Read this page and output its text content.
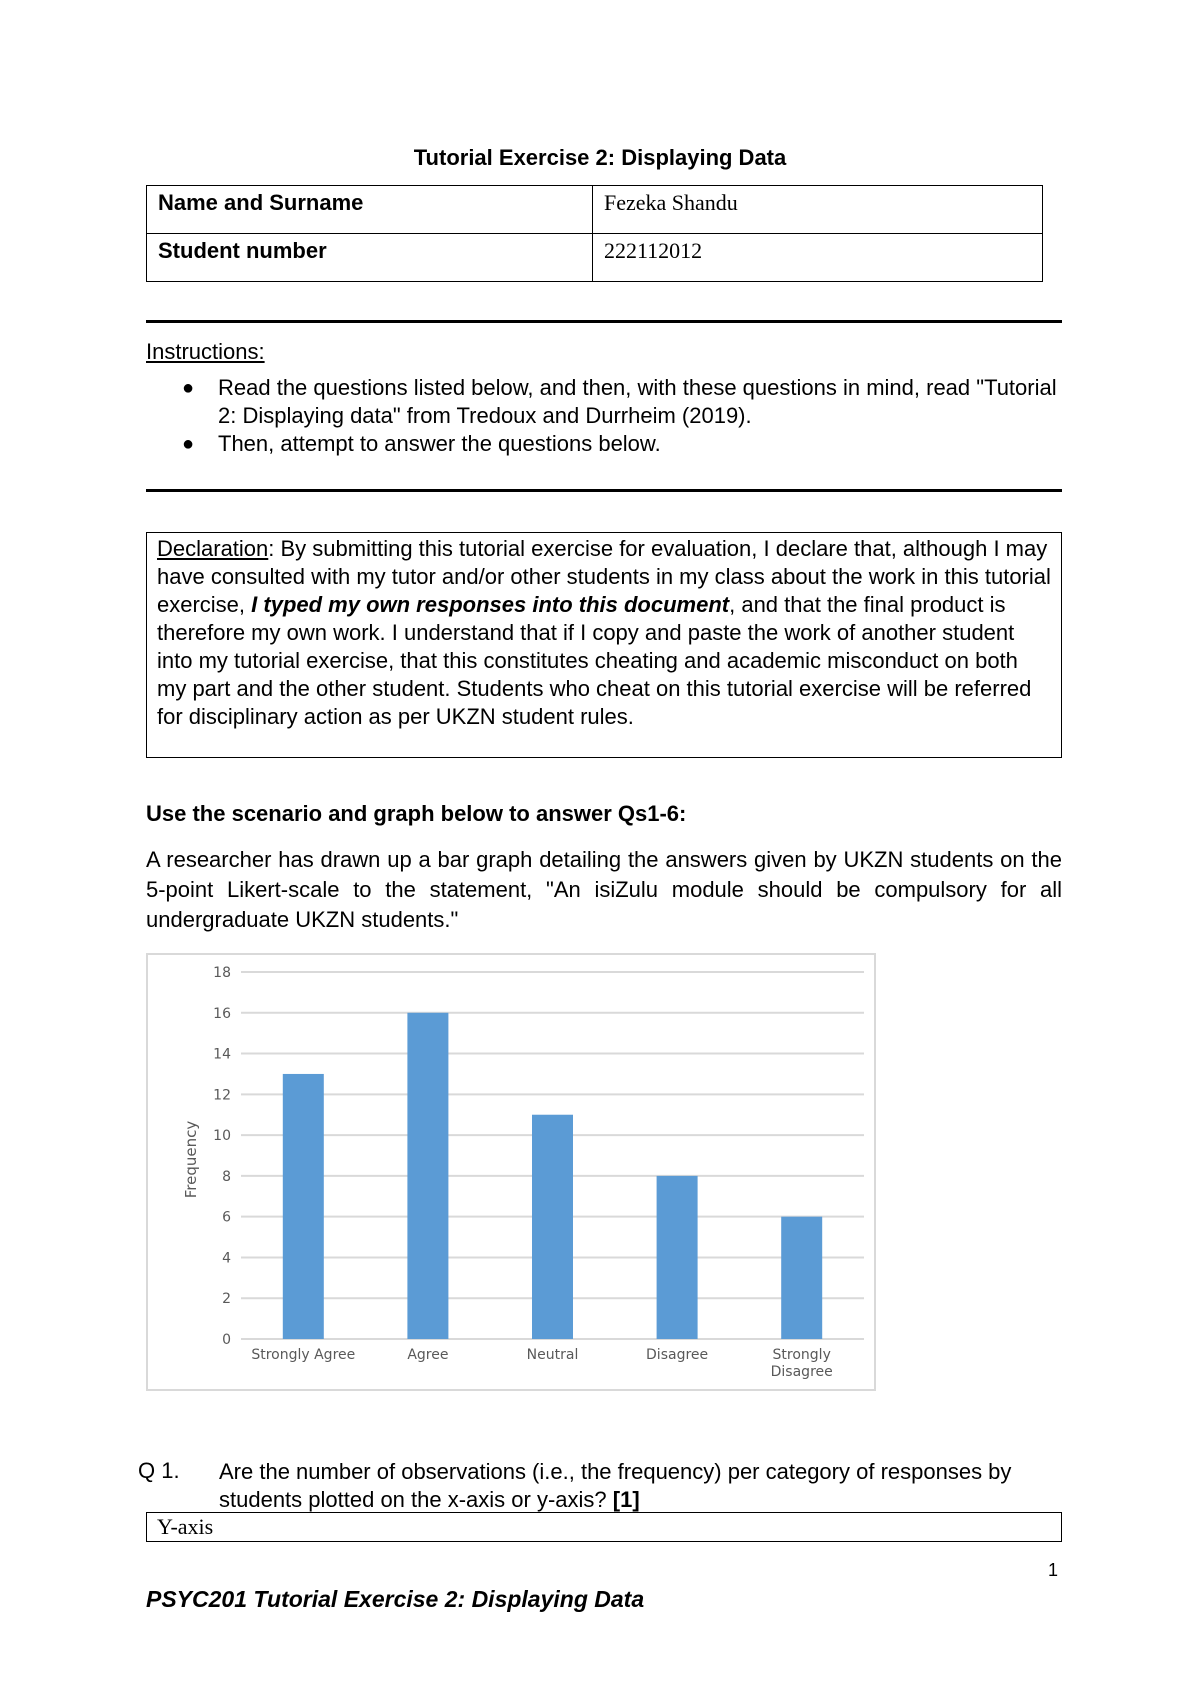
Tutorial Exercise 2: Displaying Data
Name and Surname	Fezeka Shandu
Student number	222112012
Instructions:
● Read the questions listed below, and then, with these questions in mind, read "Tutorial 2: Displaying data" from Tredoux and Durrheim (2019).
● Then, attempt to answer the questions below.
Declaration: By submitting this tutorial exercise for evaluation, I declare that, although I may have consulted with my tutor and/or other students in my class about the work in this tutorial exercise, I typed my own responses into this document, and that the final product is therefore my own work. I understand that if I copy and paste the work of another student into my tutorial exercise, that this constitutes cheating and academic misconduct on both my part and the other student. Students who cheat on this tutorial exercise will be referred for disciplinary action as per UKZN student rules.
Use the scenario and graph below to answer Qs1-6:
A researcher has drawn up a bar graph detailing the answers given by UKZN students on the 5-point Likert-scale to the statement, "An isiZulu module should be compulsory for all undergraduate UKZN students."
0
2
4
6
8
10
12
14
16
18
Strongly Agree	Agree	Neutral	Disagree	Strongly
Disagree
Frequency
Q 1. Are the number of observations (i.e., the frequency) per category of responses by students plotted on the x-axis or y-axis? [1]
Y-axis
1
PSYC201 Tutorial Exercise 2: Displaying Data
